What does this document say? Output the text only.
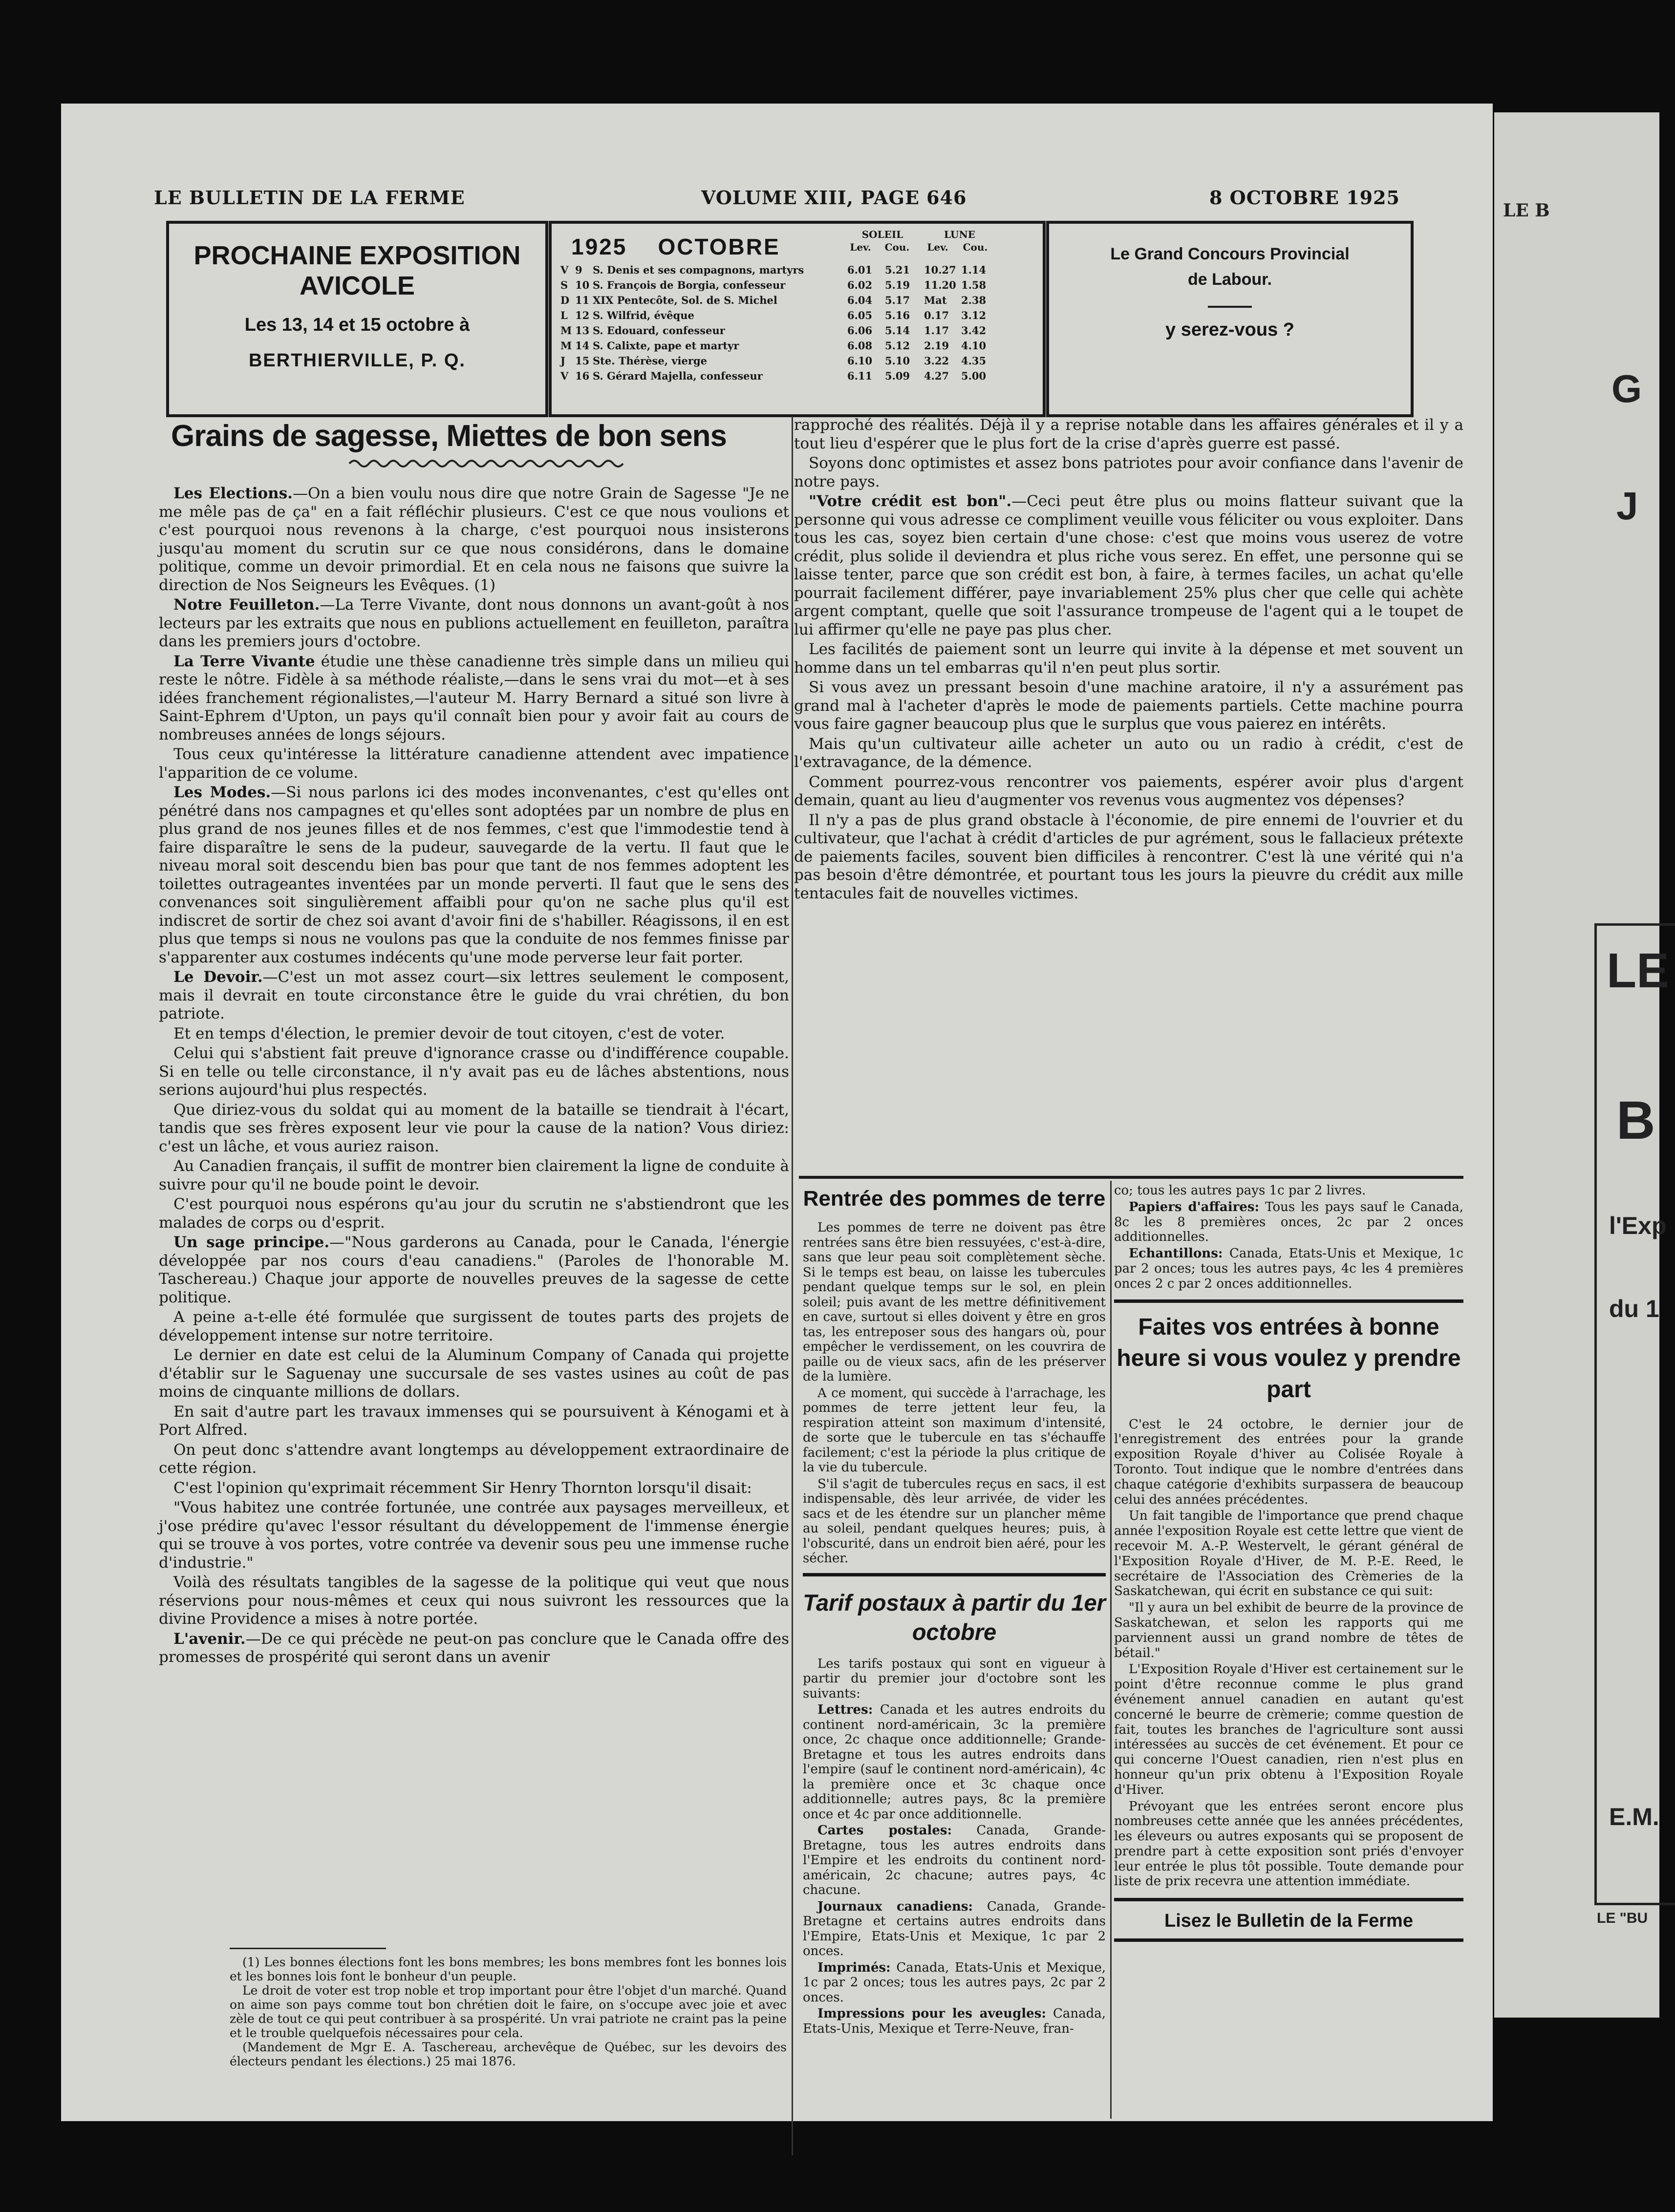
LE BULLETIN DE LA FERME	VOLUME XIII, PAGE 646	8 OCTOBRE 1925
PROCHAINE EXPOSITION
AVICOLE
Les 13, 14 et 15 octobre à
BERTHIERVILLE, P. Q.
1925 OCTOBRE	SOLEIL	LUNE
Lev.	Cou.	Lev.	Cou.
V 9 S. Denis et ses compagnons, martyrs	6.01 5.21 10.27 1.14
S 10 S. François de Borgia, confesseur	6.02 5.19 11.20 1.58
D 11 XIX Pentecôte, Sol. de S. Michel	6.04 5.17 Mat 2.38
L 12 S. Wilfrid, évêque	6.05 5.16 0.17 3.12
M 13 S. Edouard, confesseur	6.06 5.14 1.17 3.42
M 14 S. Calixte, pape et martyr	6.08 5.12 2.19 4.10
J 15 Ste. Thérèse, vierge	6.10 5.10 3.22 4.35
V 16 S. Gérard Majella, confesseur	6.11 5.09 4.27 5.00
Le Grand Concours Provincial
de Labour.
y serez-vous ?
Grains de sagesse, Miettes de bon sens

Les Elections.—On a bien voulu nous dire que notre Grain de Sagesse "Je ne me mêle pas de ça" en a fait réfléchir plusieurs. C'est ce que nous voulions et c'est pourquoi nous revenons à la charge, c'est pourquoi nous insisterons jusqu'au moment du scrutin sur ce que nous considérons, dans le domaine politique, comme un devoir primordial. Et en cela nous ne faisons que suivre la direction de Nos Seigneurs les Evêques. (1)

Notre Feuilleton.—La Terre Vivante, dont nous donnons un avant-goût à nos lecteurs par les extraits que nous en publions actuellement en feuilleton, paraîtra dans les premiers jours d'octobre.

La Terre Vivante étudie une thèse canadienne très simple dans un milieu qui reste le nôtre. Fidèle à sa méthode réaliste,—dans le sens vrai du mot—et à ses idées franchement régionalistes,—l'auteur M. Harry Bernard a situé son livre à Saint-Ephrem d'Upton, un pays qu'il connaît bien pour y avoir fait au cours de nombreuses années de longs séjours.

Tous ceux qu'intéresse la littérature canadienne attendent avec impatience l'apparition de ce volume.

Les Modes.—Si nous parlons ici des modes inconvenantes, c'est qu'elles ont pénétré dans nos campagnes et qu'elles sont adoptées par un nombre de plus en plus grand de nos jeunes filles et de nos femmes, c'est que l'immodestie tend à faire disparaître le sens de la pudeur, sauvegarde de la vertu. Il faut que le niveau moral soit descendu bien bas pour que tant de nos femmes adoptent les toilettes outrageantes inventées par un monde perverti. Il faut que le sens des convenances soit singulièrement affaibli pour qu'on ne sache plus qu'il est indiscret de sortir de chez soi avant d'avoir fini de s'habiller. Réagissons, il en est plus que temps si nous ne voulons pas que la conduite de nos femmes finisse par s'apparenter aux costumes indécents qu'une mode perverse leur fait porter.

Le Devoir.—C'est un mot assez court—six lettres seulement le composent, mais il devrait en toute circonstance être le guide du vrai chrétien, du bon patriote.

Et en temps d'élection, le premier devoir de tout citoyen, c'est de voter.

Celui qui s'abstient fait preuve d'ignorance crasse ou d'indifférence coupable. Si en telle ou telle circonstance, il n'y avait pas eu de lâches abstentions, nous serions aujourd'hui plus respectés.

Que diriez-vous du soldat qui au moment de la bataille se tiendrait à l'écart, tandis que ses frères exposent leur vie pour la cause de la nation? Vous diriez: c'est un lâche, et vous auriez raison.

Au Canadien français, il suffit de montrer bien clairement la ligne de conduite à suivre pour qu'il ne boude point le devoir.

C'est pourquoi nous espérons qu'au jour du scrutin ne s'abstiendront que les malades de corps ou d'esprit.

Un sage principe.—"Nous garderons au Canada, pour le Canada, l'énergie développée par nos cours d'eau canadiens." (Paroles de l'honorable M. Taschereau.) Chaque jour apporte de nouvelles preuves de la sagesse de cette politique.

A peine a-t-elle été formulée que surgissent de toutes parts des projets de développement intense sur notre territoire.

Le dernier en date est celui de la Aluminum Company of Canada qui projette d'établir sur le Saguenay une succursale de ses vastes usines au coût de pas moins de cinquante millions de dollars.

En sait d'autre part les travaux immenses qui se poursuivent à Kénogami et à Port Alfred.

On peut donc s'attendre avant longtemps au développement extraordinaire de cette région.

C'est l'opinion qu'exprimait récemment Sir Henry Thornton lorsqu'il disait:

"Vous habitez une contrée fortunée, une contrée aux paysages merveilleux, et j'ose prédire qu'avec l'essor résultant du développement de l'immense énergie qui se trouve à vos portes, votre contrée va devenir sous peu une immense ruche d'industrie."

Voilà des résultats tangibles de la sagesse de la politique qui veut que nous réservions pour nous-mêmes et ceux qui nous suivront les ressources que la divine Providence a mises à notre portée.

L'avenir.—De ce qui précède ne peut-on pas conclure que le Canada offre des promesses de prospérité qui seront dans un avenir

rapproché des réalités. Déjà il y a reprise notable dans les affaires générales et il y a tout lieu d'espérer que le plus fort de la crise d'après guerre est passé.

Soyons donc optimistes et assez bons patriotes pour avoir confiance dans l'avenir de notre pays.

"Votre crédit est bon".—Ceci peut être plus ou moins flatteur suivant que la personne qui vous adresse ce compliment veuille vous féliciter ou vous exploiter. Dans tous les cas, soyez bien certain d'une chose: c'est que moins vous userez de votre crédit, plus solide il deviendra et plus riche vous serez. En effet, une personne qui se laisse tenter, parce que son crédit est bon, à faire, à termes faciles, un achat qu'elle pourrait facilement différer, paye invariablement 25% plus cher que celle qui achète argent comptant, quelle que soit l'assurance trompeuse de l'agent qui a le toupet de lui affirmer qu'elle ne paye pas plus cher.

Les facilités de paiement sont un leurre qui invite à la dépense et met souvent un homme dans un tel embarras qu'il n'en peut plus sortir.

Si vous avez un pressant besoin d'une machine aratoire, il n'y a assurément pas grand mal à l'acheter d'après le mode de paiements partiels. Cette machine pourra vous faire gagner beaucoup plus que le surplus que vous paierez en intérêts.

Mais qu'un cultivateur aille acheter un auto ou un radio à crédit, c'est de l'extravagance, de la démence.

Comment pourrez-vous rencontrer vos paiements, espérer avoir plus d'argent demain, quant au lieu d'augmenter vos revenus vous augmentez vos dépenses?

Il n'y a pas de plus grand obstacle à l'économie, de pire ennemi de l'ouvrier et du cultivateur, que l'achat à crédit d'articles de pur agrément, sous le fallacieux prétexte de paiements faciles, souvent bien difficiles à rencontrer. C'est là une vérité qui n'a pas besoin d'être démontrée, et pourtant tous les jours la pieuvre du crédit aux mille tentacules fait de nouvelles victimes.

Rentrée des pommes de terre

Les pommes de terre ne doivent pas être rentrées sans être bien ressuyées, c'est-à-dire, sans que leur peau soit complètement sèche. Si le temps est beau, on laisse les tubercules pendant quelque temps sur le sol, en plein soleil; puis avant de les mettre définitivement en cave, surtout si elles doivent y être en gros tas, les entreposer sous des hangars où, pour empêcher le verdissement, on les couvrira de paille ou de vieux sacs, afin de les préserver de la lumière.

A ce moment, qui succède à l'arrachage, les pommes de terre jettent leur feu, la respiration atteint son maximum d'intensité, de sorte que le tubercule en tas s'échauffe facilement; c'est la période la plus critique de la vie du tubercule.

S'il s'agit de tubercules reçus en sacs, il est indispensable, dès leur arrivée, de vider les sacs et de les étendre sur un plancher même au soleil, pendant quelques heures; puis, à l'obscurité, dans un endroit bien aéré, pour les sécher.

Tarif postaux à partir du 1er octobre

Les tarifs postaux qui sont en vigueur à partir du premier jour d'octobre sont les suivants:

Lettres: Canada et les autres endroits du continent nord-américain, 3c la première once, 2c chaque once additionnelle; Grande-Bretagne et tous les autres endroits dans l'empire (sauf le continent nord-américain), 4c la première once et 3c chaque once additionnelle; autres pays, 8c la première once et 4c par once additionnelle.

Cartes postales: Canada, Grande-Bretagne, tous les autres endroits dans l'Empire et les endroits du continent nord-américain, 2c chacune; autres pays, 4c chacune.

Journaux canadiens: Canada, Grande-Bretagne et certains autres endroits dans l'Empire, Etats-Unis et Mexique, 1c par 2 onces.

Imprimés: Canada, Etats-Unis et Mexique, 1c par 2 onces; tous les autres pays, 2c par 2 onces.

Impressions pour les aveugles: Canada, Etats-Unis, Mexique et Terre-Neuve, fran-

co; tous les autres pays 1c par 2 livres.

Papiers d'affaires: Tous les pays sauf le Canada, 8c les 8 premières onces, 2c par 2 onces additionnelles.

Echantillons: Canada, Etats-Unis et Mexique, 1c par 2 onces; tous les autres pays, 4c les 4 premières onces 2 c par 2 onces additionnelles.

Faites vos entrées à bonne heure si vous voulez y prendre part

C'est le 24 octobre, le dernier jour de l'enregistrement des entrées pour la grande exposition Royale d'hiver au Colisée Royale à Toronto. Tout indique que le nombre d'entrées dans chaque catégorie d'exhibits surpassera de beaucoup celui des années précédentes.

Un fait tangible de l'importance que prend chaque année l'exposition Royale est cette lettre que vient de recevoir M. A.-P. Westervelt, le gérant général de l'Exposition Royale d'Hiver, de M. P.-E. Reed, le secrétaire de l'Association des Crèmeries de la Saskatchewan, qui écrit en substance ce qui suit:

"Il y aura un bel exhibit de beurre de la province de Saskatchewan, et selon les rapports qui me parviennent aussi un grand nombre de têtes de bétail."

L'Exposition Royale d'Hiver est certainement sur le point d'être reconnue comme le plus grand événement annuel canadien en autant qu'est concerné le beurre de crèmerie; comme question de fait, toutes les branches de l'agriculture sont aussi intéressées au succès de cet événement. Et pour ce qui concerne l'Ouest canadien, rien n'est plus en honneur qu'un prix obtenu à l'Exposition Royale d'Hiver.

Prévoyant que les entrées seront encore plus nombreuses cette année que les années précédentes, les éleveurs ou autres exposants qui se proposent de prendre part à cette exposition sont priés d'envoyer leur entrée le plus tôt possible. Toute demande pour liste de prix recevra une attention immédiate.

Lisez le Bulletin de la Ferme

(1) Les bonnes élections font les bons membres; les bons membres font les bonnes lois et les bonnes lois font le bonheur d'un peuple.

Le droit de voter est trop noble et trop important pour être l'objet d'un marché. Quand on aime son pays comme tout bon chrétien doit le faire, on s'occupe avec joie et avec zèle de tout ce qui peut contribuer à sa prospérité. Un vrai patriote ne craint pas la peine et le trouble quelquefois nécessaires pour cela.

(Mandement de Mgr E. A. Taschereau, archevêque de Québec, sur les devoirs des électeurs pendant les élections.) 25 mai 1876.

LE B
G
J
LE
B
l'Exp
du 1
E.M.
LE "BU
